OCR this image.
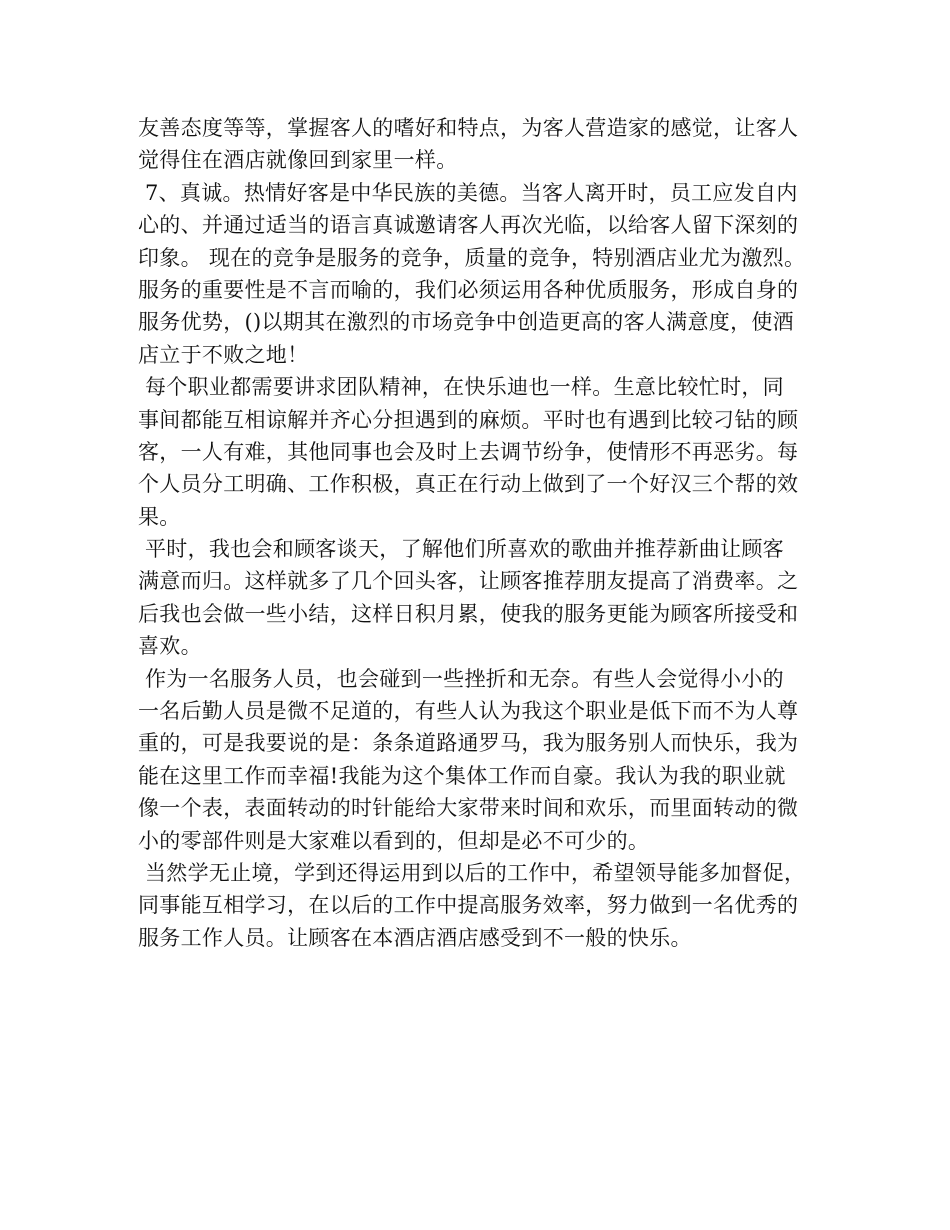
友善态度等等，掌握客人的嗜好和特点，为客人营造家的感觉，让客人
觉得住在酒店就像回到家里一样。
7、真诚。热情好客是中华民族的美德。当客人离开时，员工应发自内
心的、并通过适当的语言真诚邀请客人再次光临，以给客人留下深刻的
印象。 现在的竞争是服务的竞争，质量的竞争，特别酒店业尤为激烈。
服务的重要性是不言而喻的，我们必须运用各种优质服务，形成自身的
服务优势，()以期其在激烈的市场竞争中创造更高的客人满意度，使酒
店立于不败之地！
每个职业都需要讲求团队精神，在快乐迪也一样。生意比较忙时，同
事间都能互相谅解并齐心分担遇到的麻烦。平时也有遇到比较刁钻的顾
客，一人有难，其他同事也会及时上去调节纷争，使情形不再恶劣。每
个人员分工明确、工作积极，真正在行动上做到了一个好汉三个帮的效
果。
平时，我也会和顾客谈天，了解他们所喜欢的歌曲并推荐新曲让顾客
满意而归。这样就多了几个回头客，让顾客推荐朋友提高了消费率。之
后我也会做一些小结，这样日积月累，使我的服务更能为顾客所接受和
喜欢。
作为一名服务人员，也会碰到一些挫折和无奈。有些人会觉得小小的
一名后勤人员是微不足道的，有些人认为我这个职业是低下而不为人尊
重的，可是我要说的是：条条道路通罗马，我为服务别人而快乐，我为
能在这里工作而幸福!我能为这个集体工作而自豪。我认为我的职业就
像一个表，表面转动的时针能给大家带来时间和欢乐，而里面转动的微
小的零部件则是大家难以看到的，但却是必不可少的。
当然学无止境，学到还得运用到以后的工作中，希望领导能多加督促，
同事能互相学习，在以后的工作中提高服务效率，努力做到一名优秀的
服务工作人员。让顾客在本酒店酒店感受到不一般的快乐。
